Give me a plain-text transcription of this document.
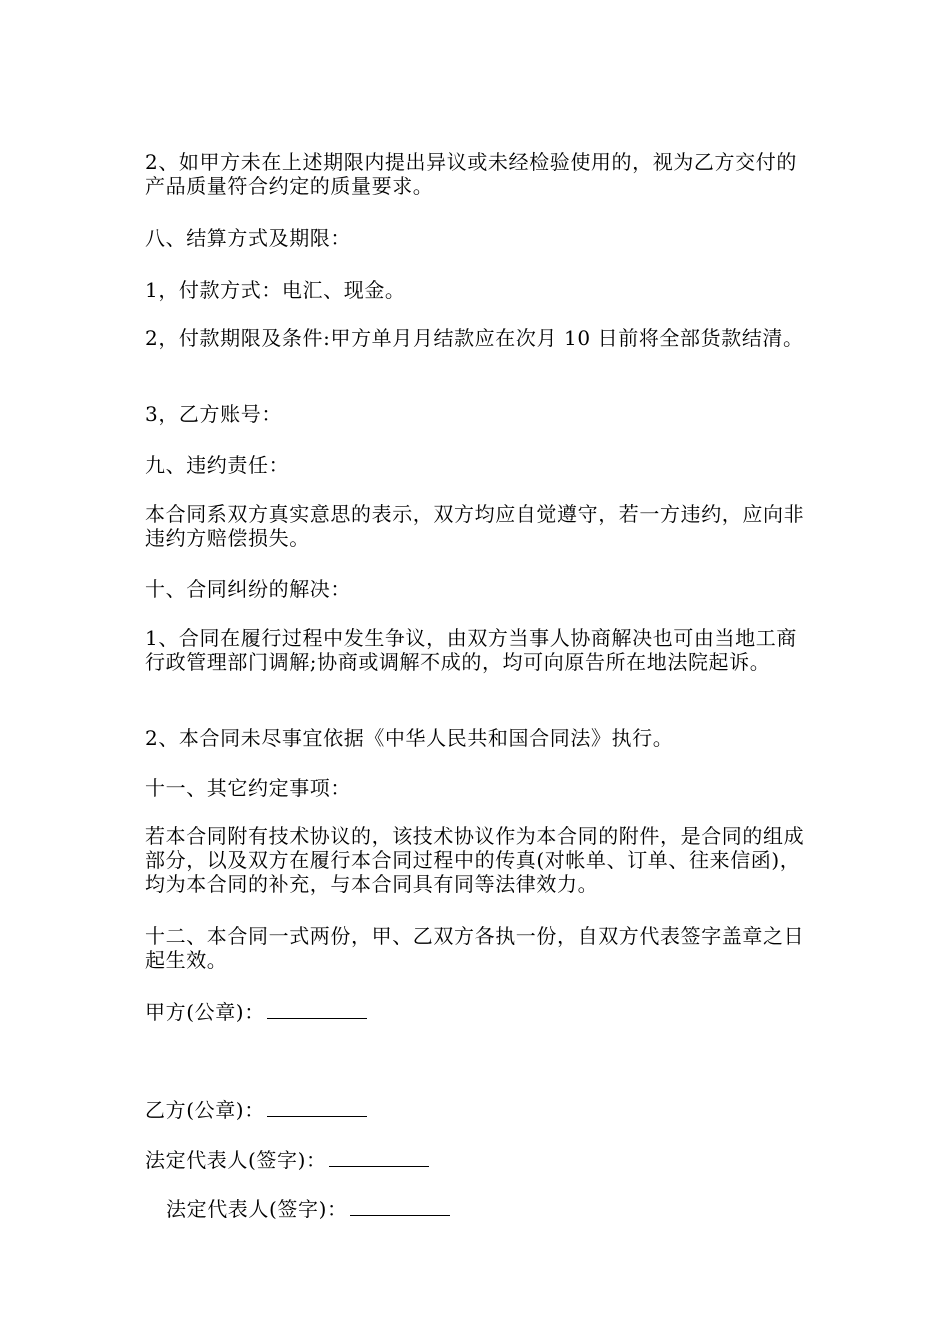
2、如甲方未在上述期限内提出异议或未经检验使用的，视为乙方交付的产品质量符合约定的质量要求。
八、结算方式及期限：
1，付款方式：电汇、现金。
2，付款期限及条件:甲方单月月结款应在次月 10 日前将全部货款结清。
3，乙方账号：
九、违约责任：
本合同系双方真实意思的表示，双方均应自觉遵守，若一方违约，应向非违约方赔偿损失。
十、合同纠纷的解决：
1、合同在履行过程中发生争议，由双方当事人协商解决也可由当地工商行政管理部门调解;协商或调解不成的，均可向原告所在地法院起诉。
2、本合同未尽事宜依据《中华人民共和国合同法》执行。
十一、其它约定事项：
若本合同附有技术协议的，该技术协议作为本合同的附件，是合同的组成部分，以及双方在履行本合同过程中的传真(对帐单、订单、往来信函)，均为本合同的补充，与本合同具有同等法律效力。
十二、本合同一式两份，甲、乙双方各执一份，自双方代表签字盖章之日起生效。
甲方(公章)：
乙方(公章)：
法定代表人(签字)：
法定代表人(签字)：
